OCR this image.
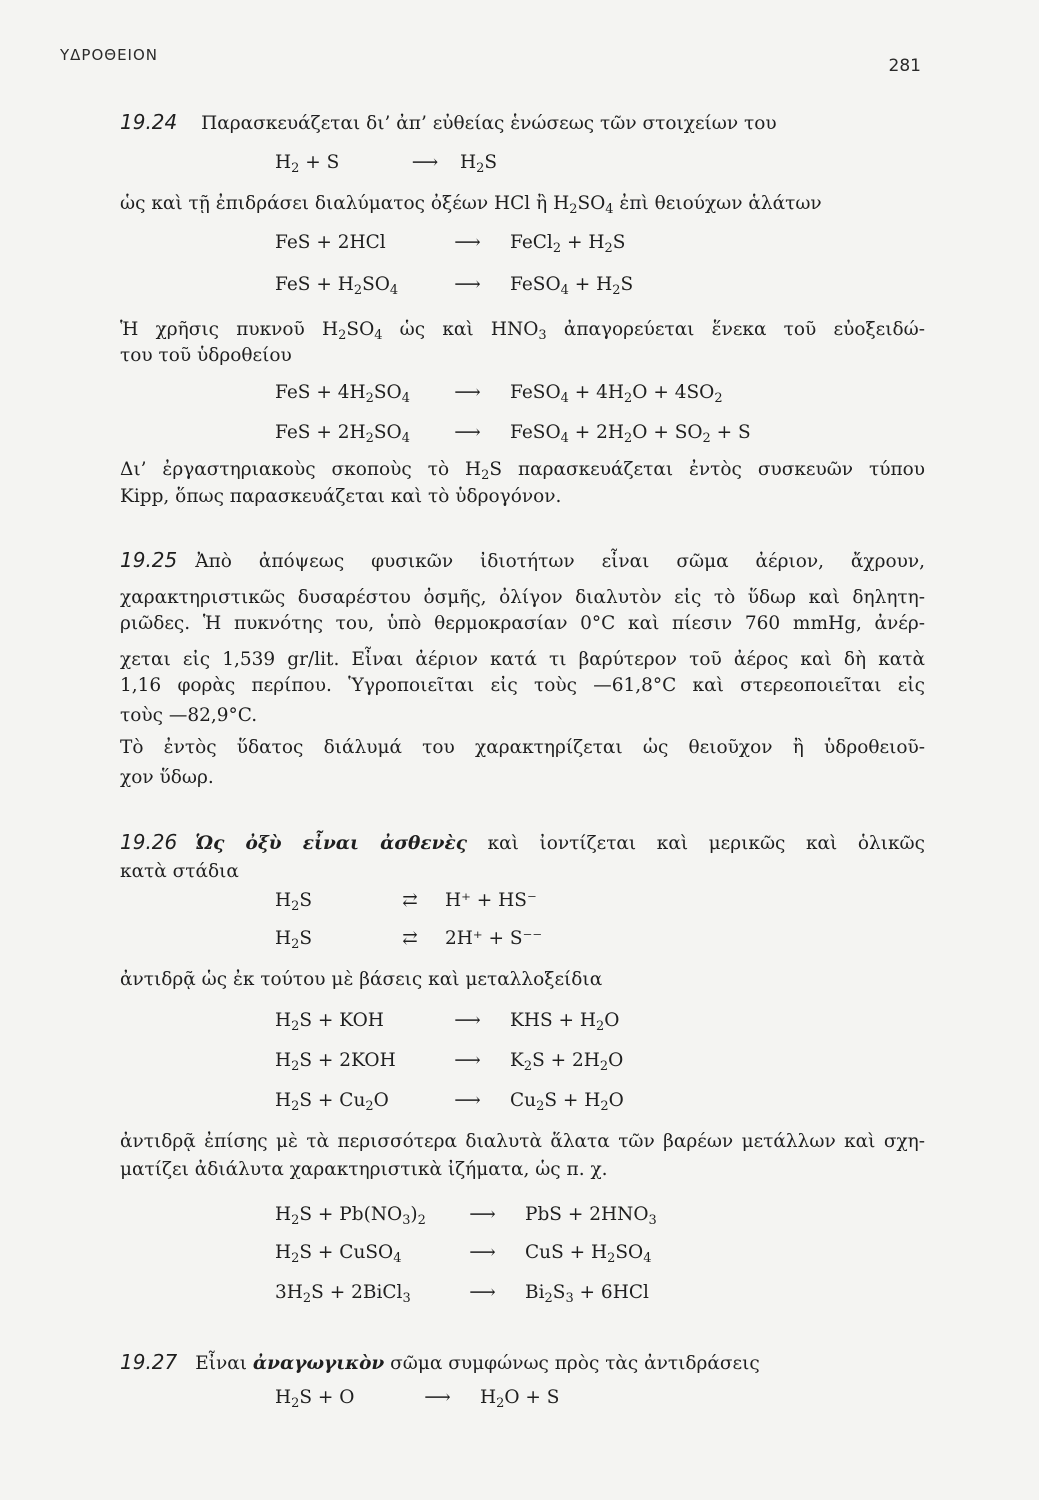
ΥΔΡΟΘΕΙΟΝ
281
19.24 Παρασκευάζεται δι’ ἀπ’ εὐθείας ἑνώσεως τῶν στοιχείων του
$H_2 + S$	⟶ $H_2S$
ὡς καὶ τῇ ἐπιδράσει διαλύματος ὀξέων HCl ἢ $H_2SO_4$ ἐπὶ θειούχων ἁλάτων
FeS + 2HCl	⟶ FeCl$_2$ + $H_2S$
FeS + $H_2SO_4$	⟶ FeSO$_4$ + $H_2S$
Ἡ χρῆσις πυκνοῦ $H_2SO_4$ ὡς καὶ $HNO_3$ ἀπαγορεύεται ἕνεκα τοῦ εὐοξειδώ-
του τοῦ ὑδροθείου
FeS + $4H_2SO_4$ ⟶ FeSO$_4$ + $4H_2O + 4SO_2$
FeS + $2H_2SO_4$ ⟶ FeSO$_4$ + $2H_2O + SO_2 + S$
Δι’ ἐργαστηριακοὺς σκοποὺς τὸ $H_2S$ παρασκευάζεται ἐντὸς συσκευῶν τύπου
Kipp, ὅπως παρασκευάζεται καὶ τὸ ὑδρογόνον.
19.25 Ἀπὸ ἀπόψεως φυσικῶν ἰδιοτήτων εἶναι σῶμα ἀέριον, ἄχρουν,
χαρακτηριστικῶς δυσαρέστου ὀσμῆς, ὀλίγον διαλυτὸν εἰς τὸ ὕδωρ καὶ δηλητη-
ριῶδες. Ἡ πυκνότης του, ὑπὸ θερμοκρασίαν 0°C καὶ πίεσιν 760 mmHg, ἀνέρ-
χεται εἰς 1,539 gr/lit. Εἶναι ἀέριον κατά τι βαρύτερον τοῦ ἀέρος καὶ δὴ κατὰ
1,16 φορὰς περίπου. Ὑγροποιεῖται εἰς τοὺς —61,8°C καὶ στερεοποιεῖται εἰς
τοὺς —82,9°C.
Τὸ ἐντὸς ὕδατος διάλυμά του χαρακτηρίζεται ὡς θειοῦχον ἢ ὑδροθειοῦ-
χον ὕδωρ.
19.26 Ὡς ὀξὺ εἶναι ἀσθενὲς καὶ ἰοντίζεται καὶ μερικῶς καὶ ὁλικῶς
κατὰ στάδια
$H_2S$	⇄ H⁺ + HS⁻
$H_2S$	⇄ 2H⁺ + S⁻⁻
ἀντιδρᾷ ὡς ἐκ τούτου μὲ βάσεις καὶ μεταλλοξείδια
$H_2S$ + KOH	⟶ KHS + $H_2O$
$H_2S + 2KOH$	⟶ $K_2S + 2H_2O$
$H_2S + Cu_2O$	⟶ $Cu_2S + H_2O$
ἀντιδρᾷ ἐπίσης μὲ τὰ περισσότερα διαλυτὰ ἅλατα τῶν βαρέων μετάλλων καὶ σχη-
ματίζει ἀδιάλυτα χαρακτηριστικὰ ἰζήματα, ὡς π. χ.
$H_2S + Pb(NO_3)_2$ ⟶ PbS + $2HNO_3$
$H_2S$ + CuSO$_4$	⟶ CuS + $H_2SO_4$
$3H_2S$ + 2BiCl$_3$	⟶ $Bi_2S_3 + 6HCl$
19.27 Εἶναι ἀναγωγικὸν σῶμα συμφώνως πρὸς τὰς ἀντιδράσεις
$H_2S + O$	⟶ $H_2O + S$
